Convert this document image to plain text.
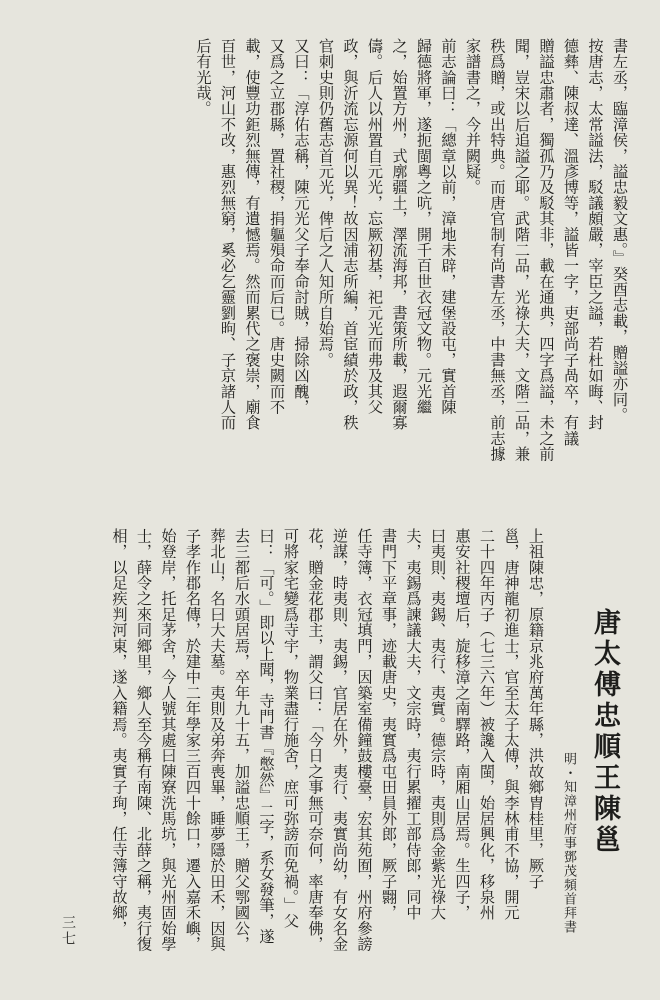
書左丞，臨漳侯，謚忠毅文惠。』癸酉志載，贈謚亦同。
按唐志，太常謚法，駁議頗嚴，宰臣之謚，若杜如晦、封
德彝、陳叔達、溫彥博等，謚皆一字，吏部尚子咼卒，有議
贈謚忠肅者，獨孤乃及駁其非，載在通典，四字爲謚，未之前
聞，豈宋以后追謚之耶。武階二品，光祿大夫，文階二品，兼
秩爲贈，或出特典。而唐官制有尚書左丞，中書無丞，前志據
家譜書之，今并闕疑。
前志論曰：「總章以前，漳地未辟，建堡設屯，實首陳
歸德將軍，遂扼閩粵之吭，開千百世衣冠文物。元光繼
之，始置方州，式廓疆土，澤流海邦，書策所載，遐爾寡
儔。后人以州置自元光，忘厥初基，祀元光而弗及其父
政，與沂流忘源何以異！故因浦志所編，首宦績於政，秩
官刺史則仍舊志首元光，俾后之人知所自始焉。
又曰：「淳佑志稱，陳元光父子奉命討賊，掃除凶醜，
又爲之立郡縣，置社稷，捐軀殞命而后已。唐史闕而不
載，使豐功鉅烈無傳，有遺憾焉。然而累代之褒崇，廟食
百世，河山不改，惠烈無窮，奚必乞靈劉昫、子京諸人而
后有光哉。
唐太傅忠順王陳邕
明・知漳州府事鄧茂頻首拜書
上祖陳忠，原籍京兆府萬年縣，洪故鄉胄桂里，厥子
邕，唐神龍初進士，官至太子太傅，與李林甫不協，開元
二十四年丙子（七三六年）被讒入閩，始居興化，移泉州
惠安社稷壇后，旋移漳之南驛路，南厢山居焉。生四子，
曰夷則、夷錫、夷行、夷實。德宗時，夷則爲金紫光祿大
夫，夷錫爲諫議大夫，文宗時，夷行累擢工部侍郎，同中
書門下平章事，迹載唐史，夷實爲屯田員外郎，厥子翾，
任寺簿，衣冠填門，因築室備鐘鼓樓臺，宏其苑囿，州府參謗
逆謀，時夷則、夷錫，官居在外，夷行、夷實尚幼，有女名金
花，贈金花郡主，謂父曰：「今日之事無可奈何，率唐奉佛，
可將家宅變爲寺宇，物業盡行施舍，庶可弥謗而免禍。」父
曰：「可。」即以上聞，寺門書『憋然』二字，系女發筆，遂
去三都后水頭居焉，卒年九十五，加謚忠順王，贈父鄂國公，
葬北山，名曰大夫墓。夷則及弟奔喪畢，睡夢隱於田禾，因與
子孝作郡名傳，於建中二年學家三百四十餘口，遷入嘉禾嶼，
始登岸，托足茅舍，今人號其處曰陳寮洗馬坑，與光州固始學
士，薛令之來同鄉里，鄉人至今稱有南陳、北薛之稱，夷行復
相，以足疾判河東，遂入籍焉。夷實子珣，任寺簿守故鄉，
三七
